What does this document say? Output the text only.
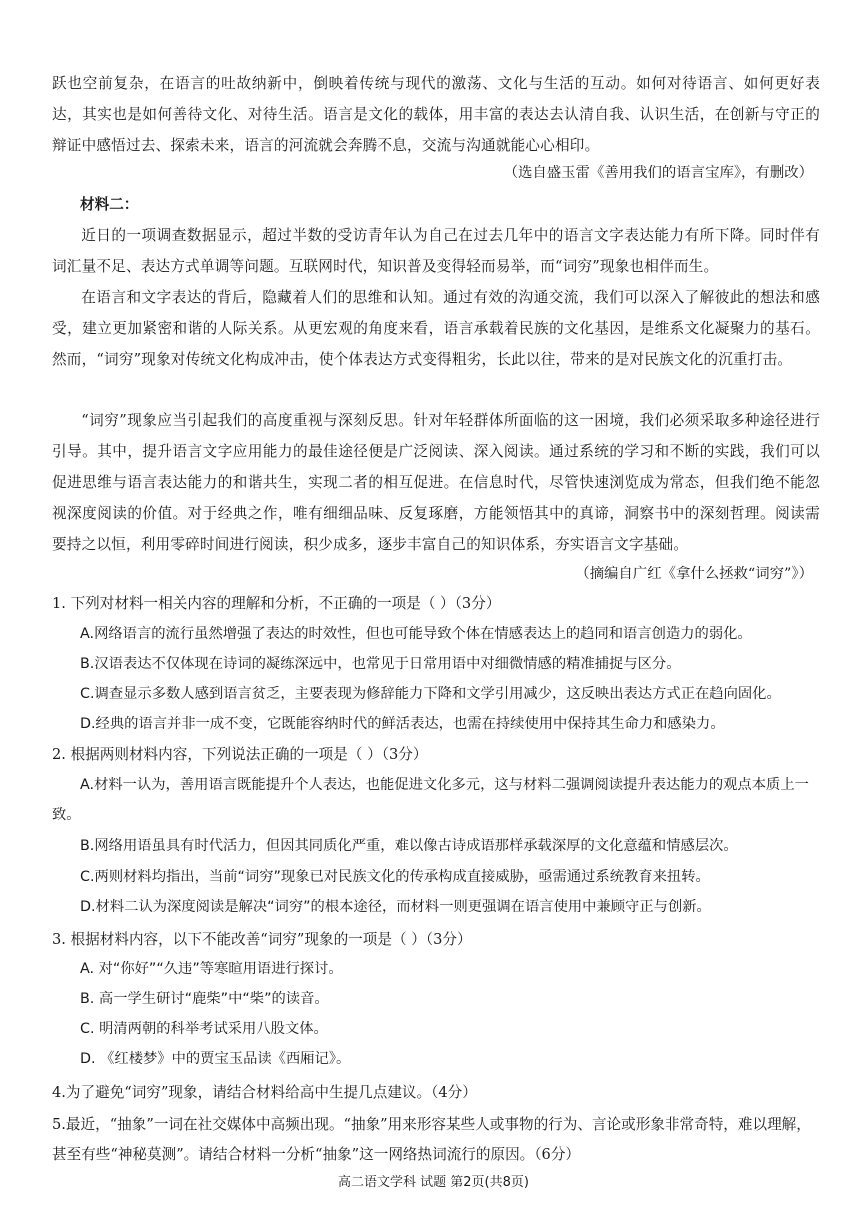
跃也空前复杂，在语言的吐故纳新中，倒映着传统与现代的激荡、文化与生活的互动。如何对待语言、如何更好表达，其实也是如何善待文化、对待生活。语言是文化的载体，用丰富的表达去认清自我、认识生活，在创新与守正的辩证中感悟过去、探索未来，语言的河流就会奔腾不息，交流与沟通就能心心相印。

（选自盛玉雷《善用我们的语言宝库》，有删改）
材料二：

近日的一项调查数据显示，超过半数的受访青年认为自己在过去几年中的语言文字表达能力有所下降。同时伴有词汇量不足、表达方式单调等问题。互联网时代，知识普及变得轻而易举，而“词穷”现象也相伴而生。

在语言和文字表达的背后，隐藏着人们的思维和认知。通过有效的沟通交流，我们可以深入了解彼此的想法和感受，建立更加紧密和谐的人际关系。从更宏观的角度来看，语言承载着民族的文化基因，是维系文化凝聚力的基石。然而，“词穷”现象对传统文化构成冲击，使个体表达方式变得粗劣，长此以往，带来的是对民族文化的沉重打击。

“词穷”现象应当引起我们的高度重视与深刻反思。针对年轻群体所面临的这一困境，我们必须采取多种途径进行引导。其中，提升语言文字应用能力的最佳途径便是广泛阅读、深入阅读。通过系统的学习和不断的实践，我们可以促进思维与语言表达能力的和谐共生，实现二者的相互促进。在信息时代，尽管快速浏览成为常态，但我们绝不能忽视深度阅读的价值。对于经典之作，唯有细细品味、反复琢磨，方能领悟其中的真谛，洞察书中的深刻哲理。阅读需要持之以恒，利用零碎时间进行阅读，积少成多，逐步丰富自己的知识体系，夯实语言文字基础。

（摘编自广红《拿什么拯救“词穷”》）

1. 下列对材料一相关内容的理解和分析，不正确的一项是（ ）（3分）

A.网络语言的流行虽然增强了表达的时效性，但也可能导致个体在情感表达上的趋同和语言创造力的弱化。

B.汉语表达不仅体现在诗词的凝练深远中，也常见于日常用语中对细微情感的精准捕捉与区分。

C.调查显示多数人感到语言贫乏，主要表现为修辞能力下降和文学引用减少，这反映出表达方式正在趋向固化。

D.经典的语言并非一成不变，它既能容纳时代的鲜活表达，也需在持续使用中保持其生命力和感染力。

2. 根据两则材料内容，下列说法正确的一项是（ ）（3分）

A.材料一认为，善用语言既能提升个人表达，也能促进文化多元，这与材料二强调阅读提升表达能力的观点本质上一致。

B.网络用语虽具有时代活力，但因其同质化严重，难以像古诗成语那样承载深厚的文化意蕴和情感层次。

C.两则材料均指出，当前“词穷”现象已对民族文化的传承构成直接威胁，亟需通过系统教育来扭转。

D.材料二认为深度阅读是解决“词穷”的根本途径，而材料一则更强调在语言使用中兼顾守正与创新。

3. 根据材料内容，以下不能改善“词穷”现象的一项是（ ）（3分）

A. 对“你好”“久违”等寒暄用语进行探讨。

B. 高一学生研讨“鹿柴”中“柴”的读音。

C. 明清两朝的科举考试采用八股文体。

D. 《红楼梦》中的贾宝玉品读《西厢记》。

4.为了避免“词穷”现象，请结合材料给高中生提几点建议。（4分）

5.最近，“抽象”一词在社交媒体中高频出现。“抽象”用来形容某些人或事物的行为、言论或形象非常奇特，难以理解，甚至有些“神秘莫测”。请结合材料一分析“抽象”这一网络热词流行的原因。（6分）

高二语文学科 试题 第2页(共8页)
